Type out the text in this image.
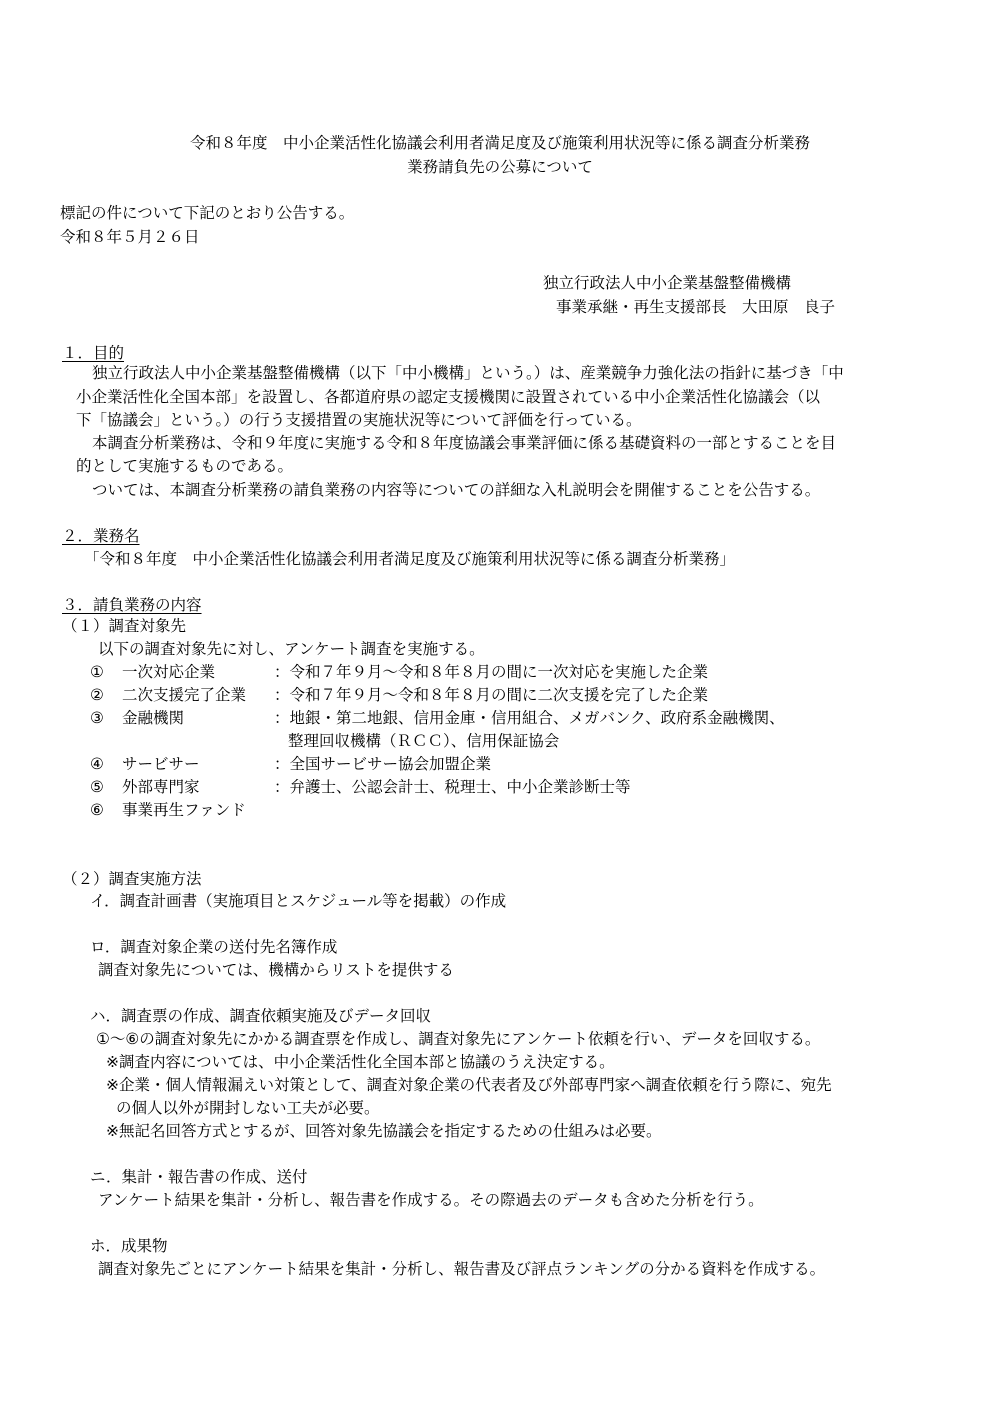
令和８年度　中小企業活性化協議会利用者満足度及び施策利用状況等に係る調査分析業務
業務請負先の公募について
標記の件について下記のとおり公告する。
令和８年５月２６日
独立行政法人中小企業基盤整備機構
事業承継・再生支援部長　大田原　良子
１．目的
独立行政法人中小企業基盤整備機構（以下「中小機構」という。）は、産業競争力強化法の指針に基づき「中
小企業活性化全国本部」を設置し、各都道府県の認定支援機関に設置されている中小企業活性化協議会（以
下「協議会」という。）の行う支援措置の実施状況等について評価を行っている。
本調査分析業務は、令和９年度に実施する令和８年度協議会事業評価に係る基礎資料の一部とすることを目
的として実施するものである。
ついては、本調査分析業務の請負業務の内容等についての詳細な入札説明会を開催することを公告する。
２．業務名
「令和８年度　中小企業活性化協議会利用者満足度及び施策利用状況等に係る調査分析業務」
３．請負業務の内容
（１）調査対象先
以下の調査対象先に対し、アンケート調査を実施する。
① 一次対応企業	：令和７年９月～令和８年８月の間に一次対応を実施した企業
② 二次支援完了企業 ：令和７年９月～令和８年８月の間に二次支援を完了した企業
③ 金融機関	：地銀・第二地銀、信用金庫・信用組合、メガバンク、政府系金融機関、
整理回収機構（ＲＣＣ）、信用保証協会
④ サービサー	：全国サービサー協会加盟企業
⑤ 外部専門家	：弁護士、公認会計士、税理士、中小企業診断士等
⑥ 事業再生ファンド
（２）調査実施方法
イ．調査計画書（実施項目とスケジュール等を掲載）の作成
ロ．調査対象企業の送付先名簿作成
調査対象先については、機構からリストを提供する
ハ．調査票の作成、調査依頼実施及びデータ回収
①～⑥の調査対象先にかかる調査票を作成し、調査対象先にアンケート依頼を行い、データを回収する。
※調査内容については、中小企業活性化全国本部と協議のうえ決定する。
※企業・個人情報漏えい対策として、調査対象企業の代表者及び外部専門家へ調査依頼を行う際に、宛先
の個人以外が開封しない工夫が必要。
※無記名回答方式とするが、回答対象先協議会を指定するための仕組みは必要。
ニ．集計・報告書の作成、送付
アンケート結果を集計・分析し、報告書を作成する。その際過去のデータも含めた分析を行う。
ホ．成果物
調査対象先ごとにアンケート結果を集計・分析し、報告書及び評点ランキングの分かる資料を作成する。
